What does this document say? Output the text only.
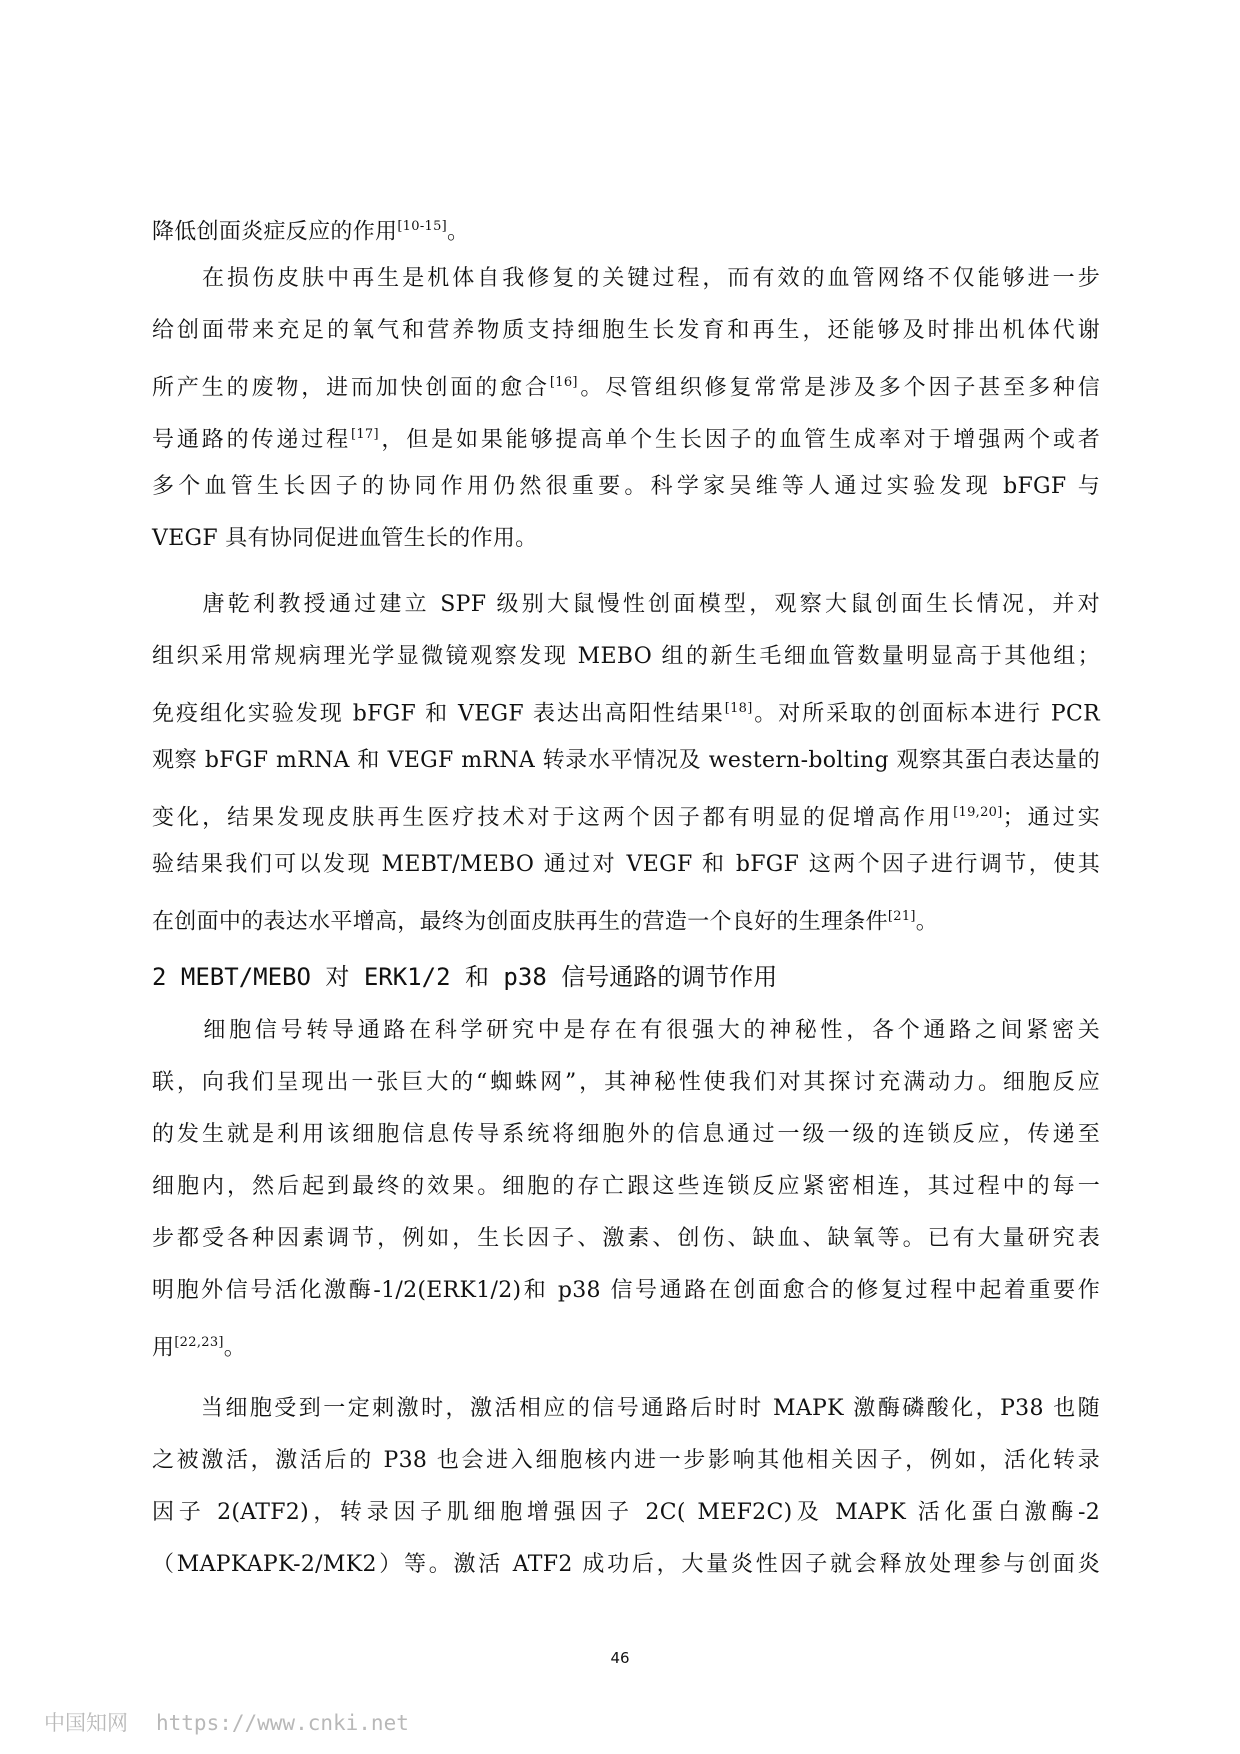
降低创面炎症反应的作用[10-15]。
　　在损伤皮肤中再生是机体自我修复的关键过程，而有效的血管网络不仅能够进一步
给创面带来充足的氧气和营养物质支持细胞生长发育和再生，还能够及时排出机体代谢
所产生的废物，进而加快创面的愈合[16]。尽管组织修复常常是涉及多个因子甚至多种信
号通路的传递过程[17]，但是如果能够提高单个生长因子的血管生成率对于增强两个或者
多个血管生长因子的协同作用仍然很重要。科学家吴维等人通过实验发现 bFGF 与
VEGF 具有协同促进血管生长的作用。
　　唐乾利教授通过建立 SPF 级别大鼠慢性创面模型，观察大鼠创面生长情况，并对
组织采用常规病理光学显微镜观察发现 MEBO 组的新生毛细血管数量明显高于其他组；
免疫组化实验发现 bFGF 和 VEGF 表达出高阳性结果[18]。对所采取的创面标本进行 PCR
观察 bFGF mRNA 和 VEGF mRNA 转录水平情况及 western-bolting 观察其蛋白表达量的
变化，结果发现皮肤再生医疗技术对于这两个因子都有明显的促增高作用[19,20]；通过实
验结果我们可以发现 MEBT/MEBO 通过对 VEGF 和 bFGF 这两个因子进行调节，使其
在创面中的表达水平增高，最终为创面皮肤再生的营造一个良好的生理条件[21]。
2 MEBT/MEBO 对 ERK1/2 和 p38 信号通路的调节作用
　　细胞信号转导通路在科学研究中是存在有很强大的神秘性，各个通路之间紧密关
联，向我们呈现出一张巨大的“蜘蛛网”，其神秘性使我们对其探讨充满动力。细胞反应
的发生就是利用该细胞信息传导系统将细胞外的信息通过一级一级的连锁反应，传递至
细胞内，然后起到最终的效果。细胞的存亡跟这些连锁反应紧密相连，其过程中的每一
步都受各种因素调节，例如，生长因子、激素、创伤、缺血、缺氧等。已有大量研究表
明胞外信号活化激酶-1/2(ERK1/2)和 p38 信号通路在创面愈合的修复过程中起着重要作
用[22,23]。
　　当细胞受到一定刺激时，激活相应的信号通路后时时 MAPK 激酶磷酸化，P38 也随
之被激活，激活后的 P38 也会进入细胞核内进一步影响其他相关因子，例如，活化转录
因子 2(ATF2)，转录因子肌细胞增强因子 2C( MEF2C)及 MAPK 活化蛋白激酶-2
（MAPKAPK-2/MK2）等。激活 ATF2 成功后，大量炎性因子就会释放处理参与创面炎
46
中国知网 https://www.cnki.net
